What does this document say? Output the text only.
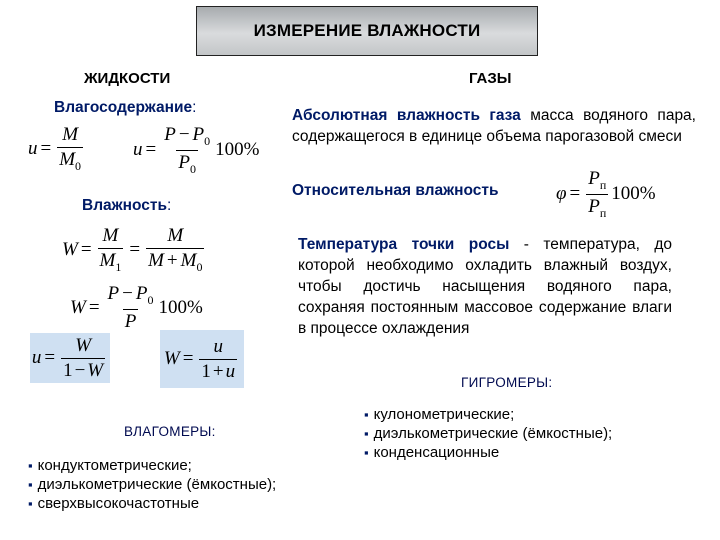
ИЗМЕРЕНИЕ ВЛАЖНОСТИ
ЖИДКОСТИ	ГАЗЫ
Влагосодержание:
$u = \frac{M}{M_0}$	$u = \frac{P - P_0}{P_0} 100\%$
Влажность:
$W = \frac{M}{M_1} = \frac{M}{M + M_0}$
$W = \frac{P - P_0}{P} 100\%$
$u = \frac{W}{1 - W}$	$W = \frac{u}{1 + u}$
ВЛАГОМЕРЫ:
▪ кондуктометрические;
▪ диэлькометрические (ёмкостные);
▪ сверхвысокочастотные
Абсолютная влажность газа масса водяного пара, содержащегося в единице объема парогазовой смеси
Относительная влажность	$\varphi = \frac{P_п}{P_п} 100\%$
Температура точки росы - температура, до которой необходимо охладить влажный воздух, чтобы достичь насыщения водяного пара, сохраняя постоянным массовое содержание влаги в процессе охлаждения
ГИГРОМЕРЫ:
▪ кулонометрические;
▪ диэлькометрические (ёмкостные);
▪ конденсационные
